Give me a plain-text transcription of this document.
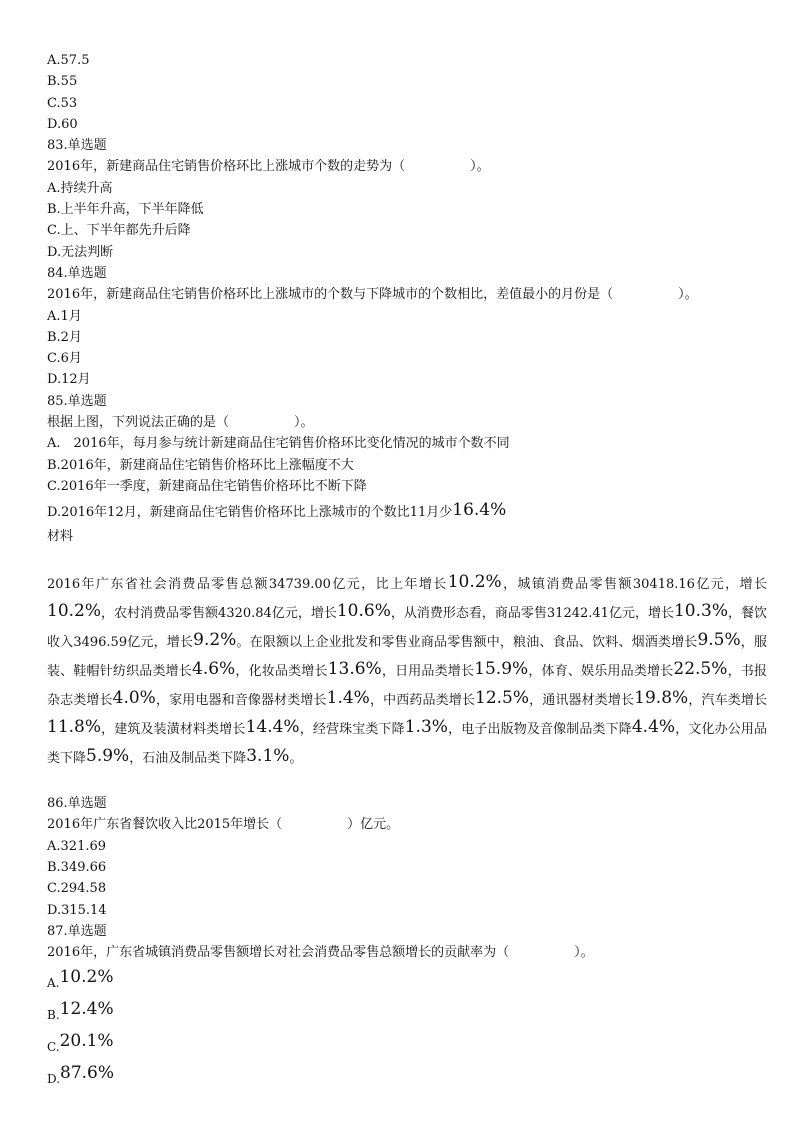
A.57.5
B.55
C.53
D.60
83.单选题
2016年，新建商品住宅销售价格环比上涨城市个数的走势为（　　　　　）。
A.持续升高
B.上半年升高，下半年降低
C.上、下半年都先升后降
D.无法判断
84.单选题
2016年，新建商品住宅销售价格环比上涨城市的个数与下降城市的个数相比，差值最小的月份是（　　　　　）。
A.1月
B.2月
C.6月
D.12月
85.单选题
根据上图，下列说法正确的是（　　　　　）。
A.　2016年，每月参与统计新建商品住宅销售价格环比变化情况的城市个数不同
B.2016年，新建商品住宅销售价格环比上涨幅度不大
C.2016年一季度，新建商品住宅销售价格环比不断下降
D.2016年12月，新建商品住宅销售价格环比上涨城市的个数比11月少16.4%
材料
2016年广东省社会消费品零售总额34739.00亿元，比上年增长10.2%，城镇消费品零售额30418.16亿元，增长10.2%，农村消费品零售额4320.84亿元，增长10.6%，从消费形态看，商品零售31242.41亿元，增长10.3%，餐饮收入3496.59亿元，增长9.2%。在限额以上企业批发和零售业商品零售额中，粮油、食品、饮料、烟酒类增长9.5%，服装、鞋帽针纺织品类增长4.6%，化妆品类增长13.6%，日用品类增长15.9%，体育、娱乐用品类增长22.5%，书报杂志类增长4.0%，家用电器和音像器材类增长1.4%，中西药品类增长12.5%，通讯器材类增长19.8%，汽车类增长11.8%，建筑及装潢材料类增长14.4%，经营珠宝类下降1.3%，电子出版物及音像制品类下降4.4%，文化办公用品类下降5.9%，石油及制品类下降3.1%。
86.单选题
2016年广东省餐饮收入比2015年增长（　　　　　）亿元。
A.321.69
B.349.66
C.294.58
D.315.14
87.单选题
2016年，广东省城镇消费品零售额增长对社会消费品零售总额增长的贡献率为（　　　　　）。
A.10.2%
B.12.4%
C.20.1%
D.87.6%
